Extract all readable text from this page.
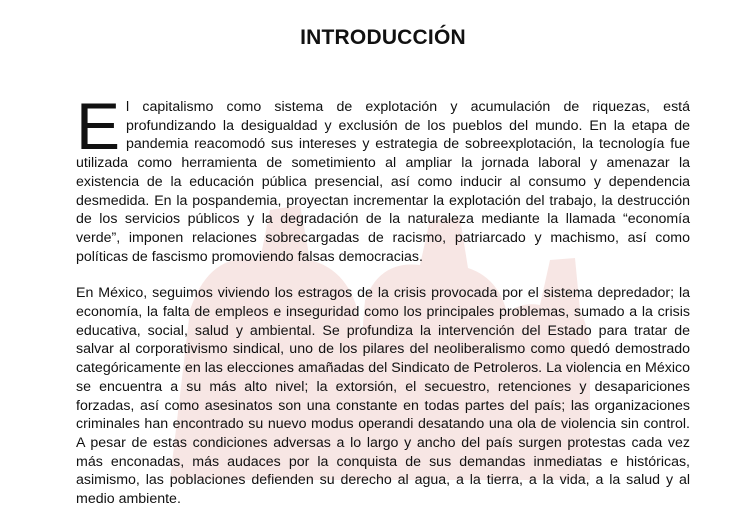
INTRODUCCIÓN
E l capitalismo como sistema de explotación y acumulación de riquezas, está profundizando la desigualdad y exclusión de los pueblos del mundo. En la etapa de pandemia reacomodó sus intereses y estrategia de sobreexplotación, la tecnología fue utilizada como herramienta de sometimiento al ampliar la jornada laboral y amenazar la existencia de la educación pública presencial, así como inducir al consumo y dependencia desmedida. En la pospandemia, proyectan incrementar la explotación del trabajo, la destrucción de los servicios públicos y la degradación de la naturaleza mediante la llamada “economía verde”, imponen relaciones sobrecargadas de racismo, patriarcado y machismo, así como políticas de fascismo promoviendo falsas democracias.
En México, seguimos viviendo los estragos de la crisis provocada por el sistema depredador; la economía, la falta de empleos e inseguridad como los principales problemas, sumado a la crisis educativa, social, salud y ambiental. Se profundiza la intervención del Estado para tratar de salvar al corporativismo sindical, uno de los pilares del neoliberalismo como quedó demostrado categóricamente en las elecciones amañadas del Sindicato de Petroleros. La violencia en México se encuentra a su más alto nivel; la extorsión, el secuestro, retenciones y desapariciones forzadas, así como asesinatos son una constante en todas partes del país; las organizaciones criminales han encontrado su nuevo modus operandi desatando una ola de violencia sin control. A pesar de estas condiciones adversas a lo largo y ancho del país surgen protestas cada vez más enconadas, más audaces por la conquista de sus demandas inmediatas e históricas, asimismo, las poblaciones defienden su derecho al agua, a la tierra, a la vida, a la salud y al medio ambiente.
